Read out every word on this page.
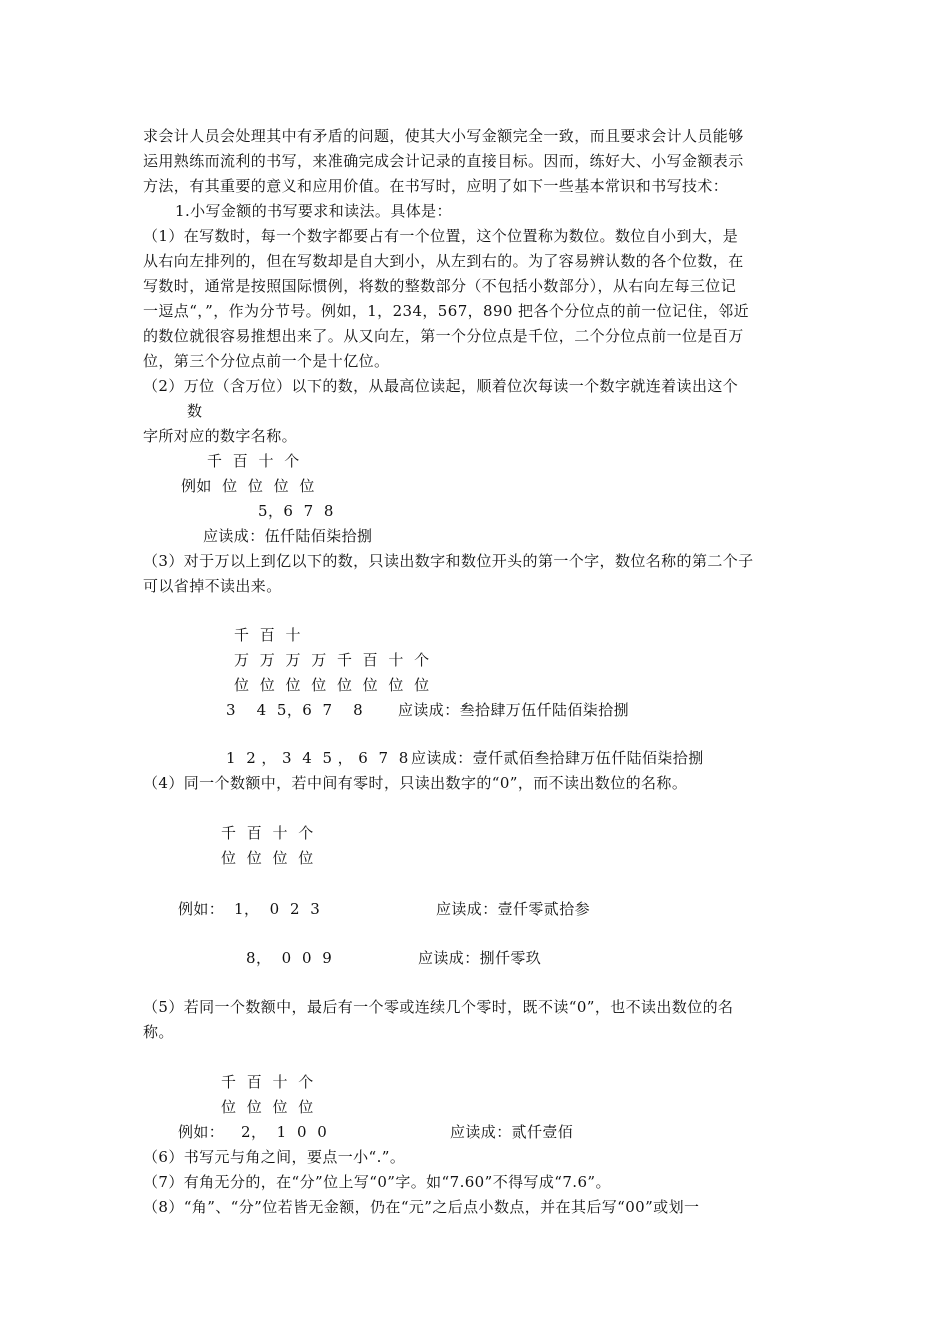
求会计人员会处理其中有矛盾的问题，使其大小写金额完全一致，而且要求会计人员能够
运用熟练而流利的书写，来准确完成会计记录的直接目标。因而，练好大、小写金额表示
方法，有其重要的意义和应用价值。在书写时，应明了如下一些基本常识和书写技术：
1.小写金额的书写要求和读法。具体是：
（1）在写数时，每一个数字都要占有一个位置，这个位置称为数位。数位自小到大，是
从右向左排列的，但在写数却是自大到小，从左到右的。为了容易辨认数的各个位数，在
写数时，通常是按照国际惯例，将数的整数部分（不包括小数部分），从右向左每三位记
一逗点“，”，作为分节号。例如，1，234，567，890 把各个分位点的前一位记住，邻近
的数位就很容易推想出来了。从又向左，第一个分位点是千位，二个分位点前一位是百万
位，第三个分位点前一个是十亿位。
（2）万位（含万位）以下的数，从最高位读起，顺着位次每读一个数字就连着读出这个
数
字所对应的数字名称。
千  百  十  个
例如  位  位  位  位
5，6  7  8
应读成：伍仟陆佰柒拾捌
（3）对于万以上到亿以下的数，只读出数字和数位开头的第一个字，数位名称的第二个子
可以省掉不读出来。
千  百  十
万  万  万  万  千  百  十  个
位  位  位  位  位  位  位  位
3    4  5，6  7    8 应读成：叁拾肆万伍仟陆佰柒拾捌
1  2 ， 3  4  5 ， 6  7  8 应读成：壹仟贰佰叁拾肆万伍仟陆佰柒拾捌
（4）同一个数额中，若中间有零时，只读出数字的“0”，而不读出数位的名称。
千  百  十  个
位  位  位  位
例如： 1，  0  2  3	应读成：壹仟零贰拾参
8，  0  0  9	应读成：捌仟零玖
（5）若同一个数额中，最后有一个零或连续几个零时，既不读“0”，也不读出数位的名
称。
千  百  十  个
位  位  位  位
例如： 2，  1  0  0	应读成：贰仟壹佰
（6）书写元与角之间，要点一小“.”。
（7）有角无分的，在“分”位上写“0”字。如“7.60”不得写成“7.6”。
（8）“角”、“分”位若皆无金额，仍在“元”之后点小数点，并在其后写“00”或划一
